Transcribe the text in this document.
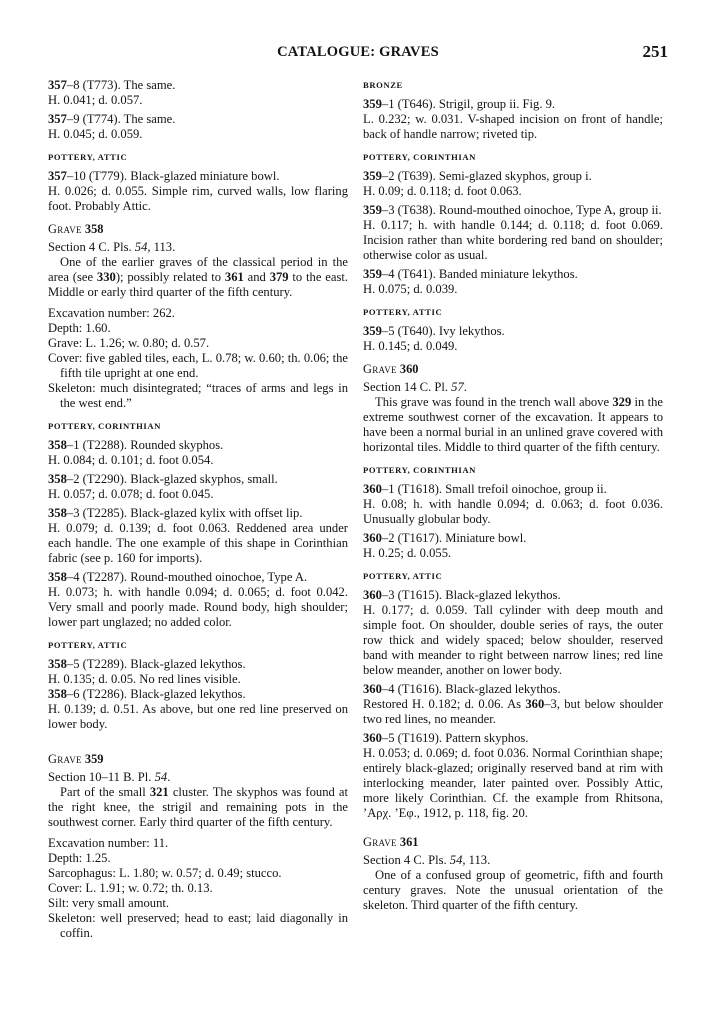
CATALOGUE: GRAVES	251
357–8 (T773). The same.
H. 0.041; d. 0.057.
357–9 (T774). The same.
H. 0.045; d. 0.059.
POTTERY, ATTIC
357–10 (T779). Black-glazed miniature bowl.
H. 0.026; d. 0.055. Simple rim, curved walls, low flaring foot. Probably Attic.
Grave 358
Section 4 C. Pls. 54, 113.
One of the earlier graves of the classical period in the area (see 330); possibly related to 361 and 379 to the east. Middle or early third quarter of the fifth century.
Excavation number: 262.
Depth: 1.60.
Grave: L. 1.26; w. 0.80; d. 0.57.
Cover: five gabled tiles, each, L. 0.78; w. 0.60; th. 0.06; the fifth tile upright at one end.
Skeleton: much disintegrated; “traces of arms and legs in the west end.”
POTTERY, CORINTHIAN
358–1 (T2288). Rounded skyphos.
H. 0.084; d. 0.101; d. foot 0.054.
358–2 (T2290). Black-glazed skyphos, small.
H. 0.057; d. 0.078; d. foot 0.045.
358–3 (T2285). Black-glazed kylix with offset lip.
H. 0.079; d. 0.139; d. foot 0.063. Reddened area under each handle. The one example of this shape in Corinthian fabric (see p. 160 for imports).
358–4 (T2287). Round-mouthed oinochoe, Type A.
H. 0.073; h. with handle 0.094; d. 0.065; d. foot 0.042. Very small and poorly made. Round body, high shoulder; lower part unglazed; no added color.
POTTERY, ATTIC
358–5 (T2289). Black-glazed lekythos.
H. 0.135; d. 0.05. No red lines visible.
358–6 (T2286). Black-glazed lekythos.
H. 0.139; d. 0.51. As above, but one red line preserved on lower body.
Grave 359
Section 10–11 B. Pl. 54.
Part of the small 321 cluster. The skyphos was found at the right knee, the strigil and remaining pots in the southwest corner. Early third quarter of the fifth century.
Excavation number: 11.
Depth: 1.25.
Sarcophagus: L. 1.80; w. 0.57; d. 0.49; stucco.
Cover: L. 1.91; w. 0.72; th. 0.13.
Silt: very small amount.
Skeleton: well preserved; head to east; laid diagonally in coffin.
BRONZE
359–1 (T646). Strigil, group ii. Fig. 9.
L. 0.232; w. 0.031. V-shaped incision on front of handle; back of handle narrow; riveted tip.
POTTERY, CORINTHIAN
359–2 (T639). Semi-glazed skyphos, group i.
H. 0.09; d. 0.118; d. foot 0.063.
359–3 (T638). Round-mouthed oinochoe, Type A, group ii.
H. 0.117; h. with handle 0.144; d. 0.118; d. foot 0.069. Incision rather than white bordering red band on shoulder; otherwise color as usual.
359–4 (T641). Banded miniature lekythos.
H. 0.075; d. 0.039.
POTTERY, ATTIC
359–5 (T640). Ivy lekythos.
H. 0.145; d. 0.049.
Grave 360
Section 14 C. Pl. 57.
This grave was found in the trench wall above 329 in the extreme southwest corner of the excavation. It appears to have been a normal burial in an unlined grave covered with horizontal tiles. Middle to third quarter of the fifth century.
POTTERY, CORINTHIAN
360–1 (T1618). Small trefoil oinochoe, group ii.
H. 0.08; h. with handle 0.094; d. 0.063; d. foot 0.036. Unusually globular body.
360–2 (T1617). Miniature bowl.
H. 0.25; d. 0.055.
POTTERY, ATTIC
360–3 (T1615). Black-glazed lekythos.
H. 0.177; d. 0.059. Tall cylinder with deep mouth and simple foot. On shoulder, double series of rays, the outer row thick and widely spaced; below shoulder, reserved band with meander to right between narrow lines; red line below meander, another on lower body.
360–4 (T1616). Black-glazed lekythos.
Restored H. 0.182; d. 0.06. As 360–3, but below shoulder two red lines, no meander.
360–5 (T1619). Pattern skyphos.
H. 0.053; d. 0.069; d. foot 0.036. Normal Corinthian shape; entirely black-glazed; originally reserved band at rim with interlocking meander, later painted over. Possibly Attic, more likely Corinthian. Cf. the example from Rhitsona, ’Αρχ. ’Εφ., 1912, p. 118, fig. 20.
Grave 361
Section 4 C. Pls. 54, 113.
One of a confused group of geometric, fifth and fourth century graves. Note the unusual orientation of the skeleton. Third quarter of the fifth century.
